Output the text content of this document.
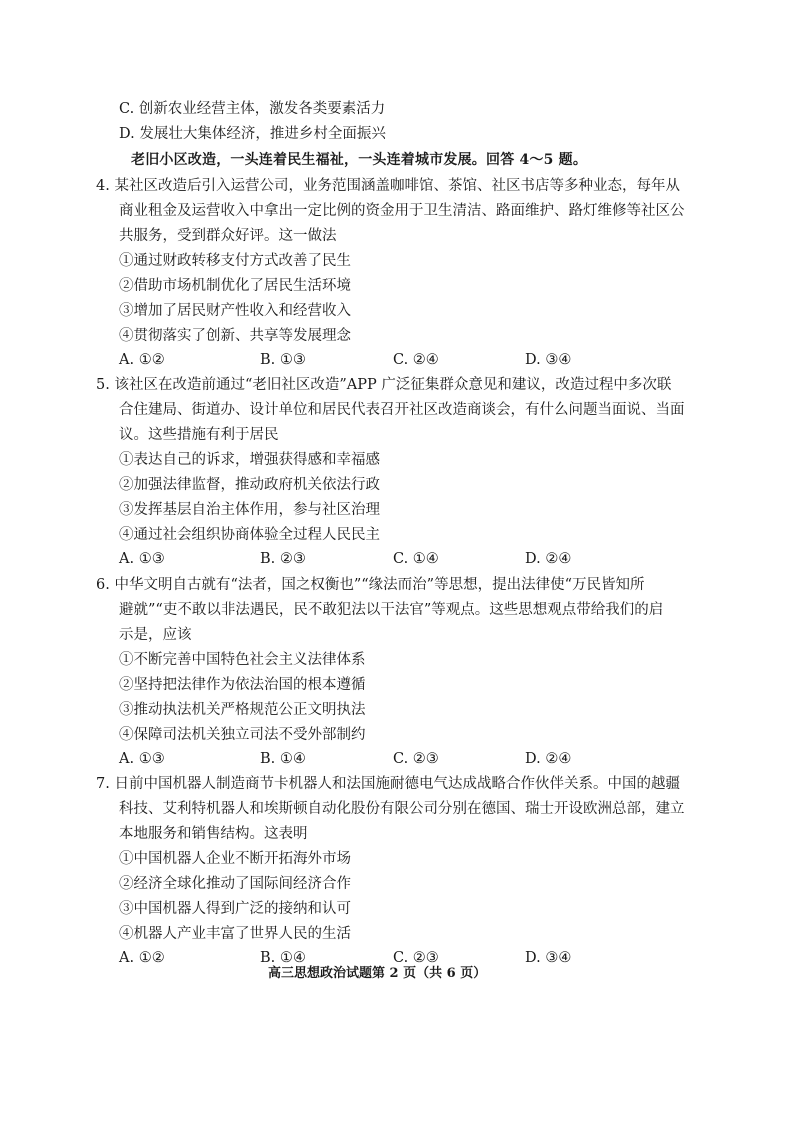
C. 创新农业经营主体，激发各类要素活力
D. 发展壮大集体经济，推进乡村全面振兴
老旧小区改造，一头连着民生福祉，一头连着城市发展。回答 4～5 题。
4. 某社区改造后引入运营公司，业务范围涵盖咖啡馆、茶馆、社区书店等多种业态，每年从
商业租金及运营收入中拿出一定比例的资金用于卫生清洁、路面维护、路灯维修等社区公
共服务，受到群众好评。这一做法
①通过财政转移支付方式改善了民生
②借助市场机制优化了居民生活环境
③增加了居民财产性收入和经营收入
④贯彻落实了创新、共享等发展理念
A. ①②	B. ①③	C. ②④	D. ③④
5. 该社区在改造前通过“老旧社区改造”APP 广泛征集群众意见和建议，改造过程中多次联
合住建局、街道办、设计单位和居民代表召开社区改造商谈会，有什么问题当面说、当面
议。这些措施有利于居民
①表达自己的诉求，增强获得感和幸福感
②加强法律监督，推动政府机关依法行政
③发挥基层自治主体作用，参与社区治理
④通过社会组织协商体验全过程人民民主
A. ①③	B. ②③	C. ①④	D. ②④
6. 中华文明自古就有“法者，国之权衡也”“缘法而治”等思想，提出法律使“万民皆知所
避就”“吏不敢以非法遇民，民不敢犯法以干法官”等观点。这些思想观点带给我们的启
示是，应该
①不断完善中国特色社会主义法律体系
②坚持把法律作为依法治国的根本遵循
③推动执法机关严格规范公正文明执法
④保障司法机关独立司法不受外部制约
A. ①③	B. ①④	C. ②③	D. ②④
7. 日前中国机器人制造商节卡机器人和法国施耐德电气达成战略合作伙伴关系。中国的越疆
科技、艾利特机器人和埃斯顿自动化股份有限公司分别在德国、瑞士开设欧洲总部，建立
本地服务和销售结构。这表明
①中国机器人企业不断开拓海外市场
②经济全球化推动了国际间经济合作
③中国机器人得到广泛的接纳和认可
④机器人产业丰富了世界人民的生活
A. ①②	B. ①④	C. ②③	D. ③④
高三思想政治试题第 2 页（共 6 页）
